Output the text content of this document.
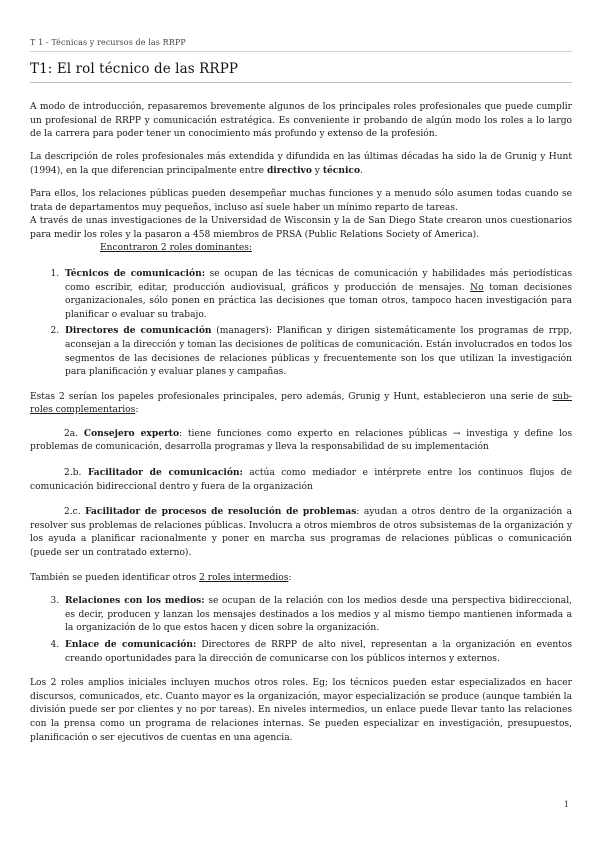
T 1 - Técnicas y recursos de las RRPP
T1: El rol técnico de las RRPP

A modo de introducción, repasaremos brevemente algunos de los principales roles profesionales que puede cumplir un profesional de RRPP y comunicación estratégica. Es conveniente ir probando de algún modo los roles a lo largo de la carrera para poder tener un conocimiento más profundo y extenso de la profesión.

La descripción de roles profesionales más extendida y difundida en las últimas décadas ha sido la de Grunig y Hunt (1994), en la que diferencian principalmente entre directivo y técnico.

Para ellos, los relaciones públicas pueden desempeñar muchas funciones y a menudo sólo asumen todas cuando se trata de departamentos muy pequeños, incluso así suele haber un mínimo reparto de tareas.

A través de unas investigaciones de la Universidad de Wisconsin y la de San Diego State crearon unos cuestionarios para medir los roles y la pasaron a 458 miembros de PRSA (Public Relations Society of America).

Encontraron 2 roles dominantes:
1. Técnicos de comunicación: se ocupan de las técnicas de comunicación y habilidades más periodísticas como escribir, editar, producción audiovisual, gráficos y producción de mensajes. No toman decisiones organizacionales, sólo ponen en práctica las decisiones que toman otros, tampoco hacen investigación para planificar o evaluar su trabajo.
2. Directores de comunicación (managers): Planifican y dirigen sistemáticamente los programas de rrpp, aconsejan a la dirección y toman las decisiones de políticas de comunicación. Están involucrados en todos los segmentos de las decisiones de relaciones públicas y frecuentemente son los que utilizan la investigación para planificación y evaluar planes y campañas.

Estas 2 serían los papeles profesionales principales, pero además, Grunig y Hunt, establecieron una serie de sub-roles complementarios:

2a. Consejero experto: tiene funciones como experto en relaciones públicas → investiga y define los problemas de comunicación, desarrolla programas y lleva la responsabilidad de su implementación

2.b. Facilitador de comunicación: actúa como mediador e intérprete entre los continuos flujos de comunicación bidireccional dentro y fuera de la organización

2.c. Facilitador de procesos de resolución de problemas: ayudan a otros dentro de la organización a resolver sus problemas de relaciones públicas. Involucra a otros miembros de otros subsistemas de la organización y los ayuda a planificar racionalmente y poner en marcha sus programas de relaciones públicas o comunicación (puede ser un contratado externo).

También se pueden identificar otros 2 roles intermedios:

3. Relaciones con los medios: se ocupan de la relación con los medios desde una perspectiva bidireccional, es decir, producen y lanzan los mensajes destinados a los medios y al mismo tiempo mantienen informada a la organización de lo que estos hacen y dicen sobre la organización.
4. Enlace de comunicación: Directores de RRPP de alto nivel, representan a la organización en eventos creando oportunidades para la dirección de comunicarse con los públicos internos y externos.

Los 2 roles amplios iniciales incluyen muchos otros roles. Eg; los técnicos pueden estar especializados en hacer discursos, comunicados, etc. Cuanto mayor es la organización, mayor especialización se produce (aunque también la división puede ser por clientes y no por tareas). En niveles intermedios, un enlace puede llevar tanto las relaciones con la prensa como un programa de relaciones internas. Se pueden especializar en investigación, presupuestos, planificación o ser ejecutivos de cuentas en una agencia.

1
